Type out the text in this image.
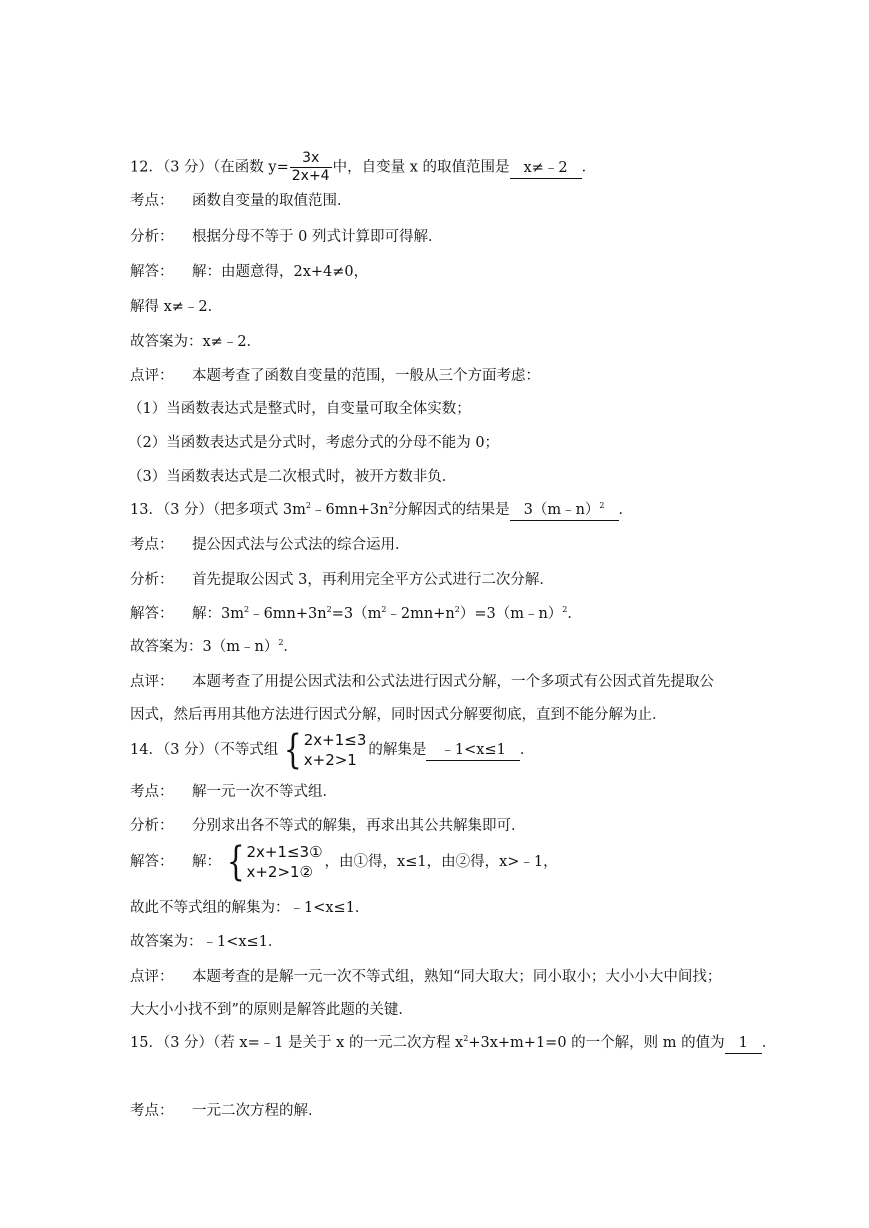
12．（3 分）（在函数 $y= \frac{3x}{2x+4}$ 中，自变量 x 的取值范围是 x≠﹣2 ．
考点： 函数自变量的取值范围．
分析： 根据分母不等于 0 列式计算即可得解．
解答： 解：由题意得，2x+4≠0，
解得 x≠﹣2．
故答案为：x≠﹣2．
点评： 本题考查了函数自变量的范围，一般从三个方面考虑：
（1）当函数表达式是整式时，自变量可取全体实数；
（2）当函数表达式是分式时，考虑分式的分母不能为 0；
（3）当函数表达式是二次根式时，被开方数非负．
13．（3 分）（把多项式 $3m^2﹣6mn+3n^2$分解因式的结果是 3（m﹣n）$^2$ ．
考点： 提公因式法与公式法的综合运用．
分析： 首先提取公因式 3，再利用完全平方公式进行二次分解．
解答： 解：$3m^2﹣6mn+3n^2=3(m^2﹣2mn+n^2)=3(m﹣n)^2$．
故答案为：3（m﹣n）$^2$．
点评： 本题考查了用提公因式法和公式法进行因式分解，一个多项式有公因式首先提取公
因式，然后再用其他方法进行因式分解，同时因式分解要彻底，直到不能分解为止．
14．（3 分）（不等式组 { 2x+1≤3
x+2>1
的解集是 ﹣1<x≤1 ．
考点： 解一元一次不等式组．
分析： 分别求出各不等式的解集，再求出其公共解集即可．
解答： 解： { 2x+1≤3①
x+2>1②
，由①得，x≤1，由②得，x>﹣1，
故此不等式组的解集为：﹣1<x≤1．
故答案为：﹣1<x≤1．
点评： 本题考查的是解一元一次不等式组，熟知“同大取大；同小取小；大小小大中间找；
大大小小找不到”的原则是解答此题的关键．
15．（3 分）（若 x=﹣1 是关于 x 的一元二次方程 $x^2+3x+m+1=0$ 的一个解，则 m 的值为 1 ．
考点： 一元二次方程的解．
